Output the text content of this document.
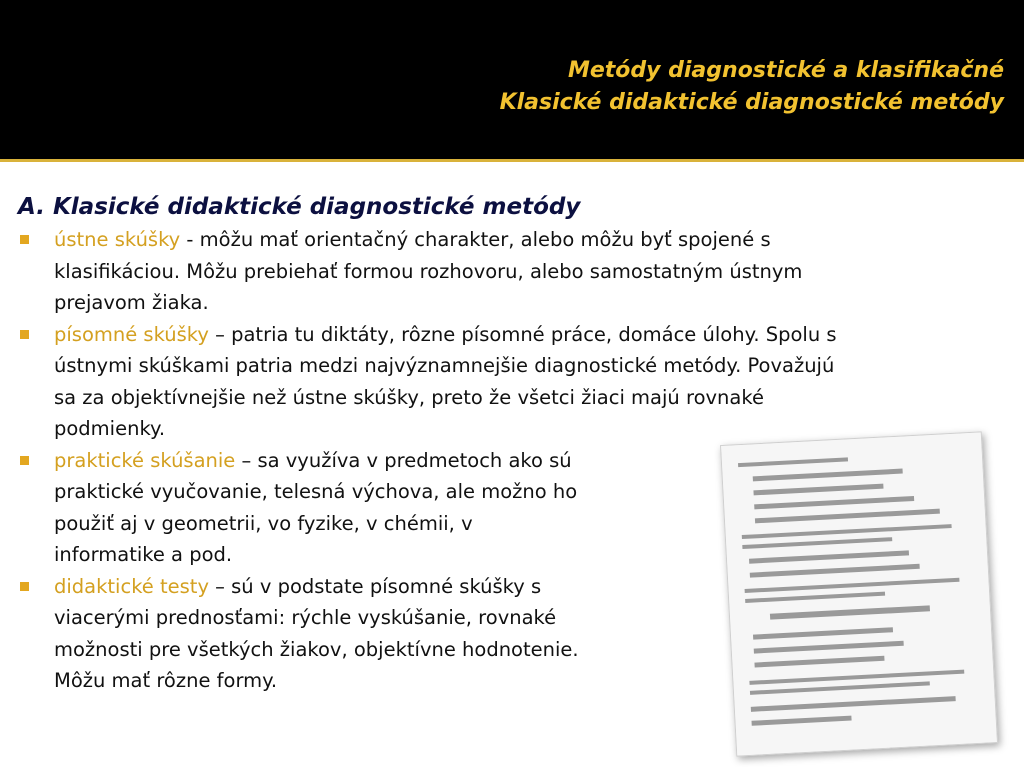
Metódy diagnostické a klasifikačné
Klasické didaktické diagnostické metódy
A. Klasické didaktické diagnostické metódy
ústne skúšky - môžu mať orientačný charakter, alebo môžu byť spojené s
klasifikáciou. Môžu prebiehať formou rozhovoru, alebo samostatným ústnym
prejavom žiaka.
písomné skúšky – patria tu diktáty, rôzne písomné práce, domáce úlohy. Spolu s
ústnymi skúškami patria medzi najvýznamnejšie diagnostické metódy. Považujú
sa za objektívnejšie než ústne skúšky, preto že všetci žiaci majú rovnaké
podmienky.
praktické skúšanie – sa využíva v predmetoch ako sú
praktické vyučovanie, telesná výchova, ale možno ho
použiť aj v geometrii, vo fyzike, v chémii, v
informatike a pod.
didaktické testy – sú v podstate písomné skúšky s
viacerými prednosťami: rýchle vyskúšanie, rovnaké
možnosti pre všetkých žiakov, objektívne hodnotenie.
Môžu mať rôzne formy.
